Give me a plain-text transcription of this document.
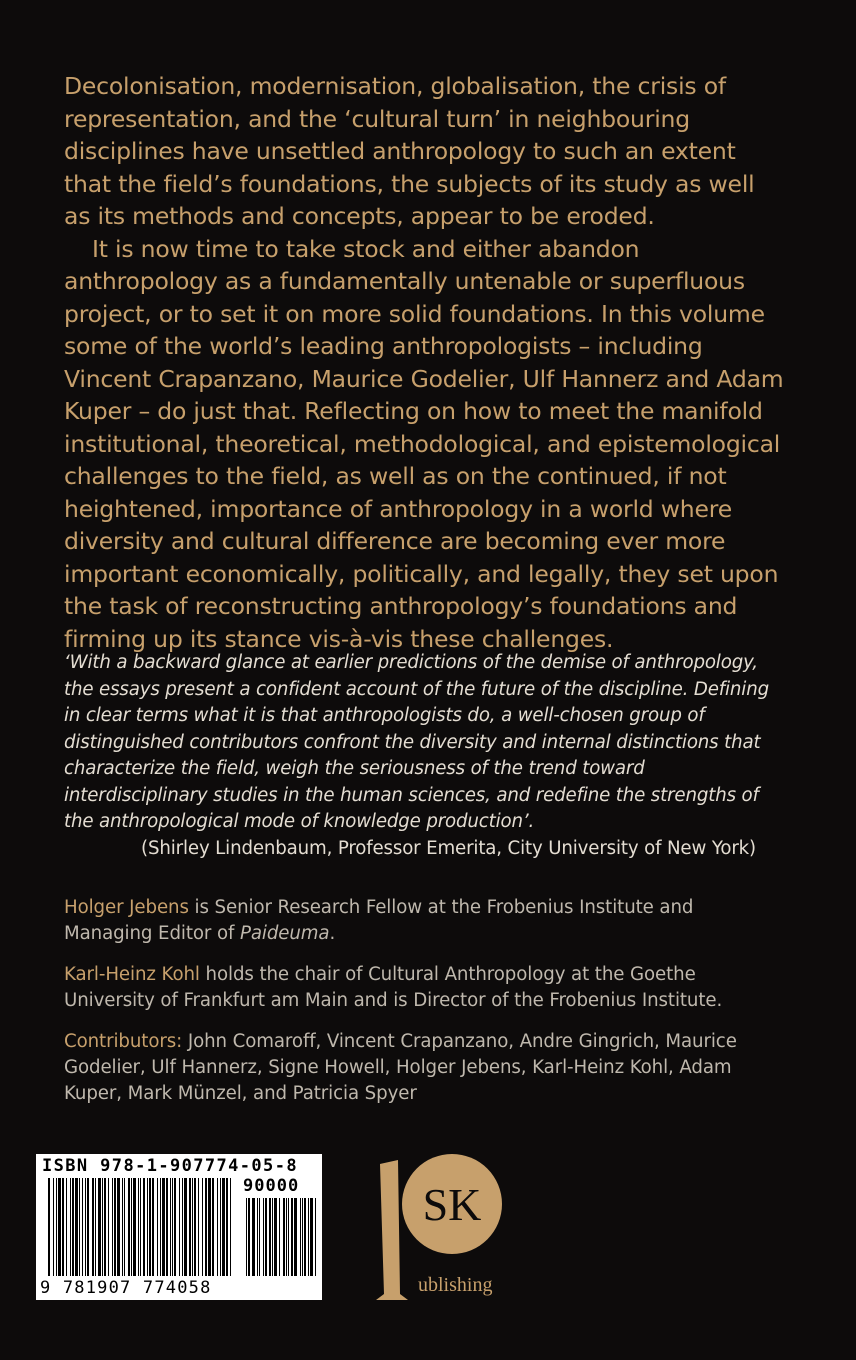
Decolonisation, modernisation, globalisation, the crisis of representation, and the ‘cultural turn’ in neighbouring disciplines have unsettled anthropology to such an extent that the field’s foundations, the subjects of its study as well as its methods and concepts, appear to be eroded.

It is now time to take stock and either abandon anthropology as a fundamentally untenable or superfluous project, or to set it on more solid foundations. In this volume some of the world’s leading anthropologists – including Vincent Crapanzano, Maurice Godelier, Ulf Hannerz and Adam Kuper – do just that. Reflecting on how to meet the manifold institutional, theoretical, methodological, and epistemological challenges to the field, as well as on the continued, if not heightened, importance of anthropology in a world where diversity and cultural difference are becoming ever more important economically, politically, and legally, they set upon the task of reconstructing anthropology’s foundations and firming up its stance vis-à-vis these challenges.

‘With a backward glance at earlier predictions of the demise of anthropology, the essays present a confident account of the future of the discipline. Defining in clear terms what it is that anthropologists do, a well-chosen group of distinguished contributors confront the diversity and internal distinctions that characterize the field, weigh the seriousness of the trend toward interdisciplinary studies in the human sciences, and redefine the strengths of the anthropological mode of knowledge production’.

(Shirley Lindenbaum, Professor Emerita, City University of New York)

Holger Jebens is Senior Research Fellow at the Frobenius Institute and Managing Editor of Paideuma.

Karl-Heinz Kohl holds the chair of Cultural Anthropology at the Goethe University of Frankfurt am Main and is Director of the Frobenius Institute.

Contributors: John Comaroff, Vincent Crapanzano, Andre Gingrich, Maurice Godelier, Ulf Hannerz, Signe Howell, Holger Jebens, Karl-Heinz Kohl, Adam Kuper, Mark Münzel, and Patricia Spyer

ISBN 978-1-907774-05-8
90000
9 781907 774058
SK
ublishing
